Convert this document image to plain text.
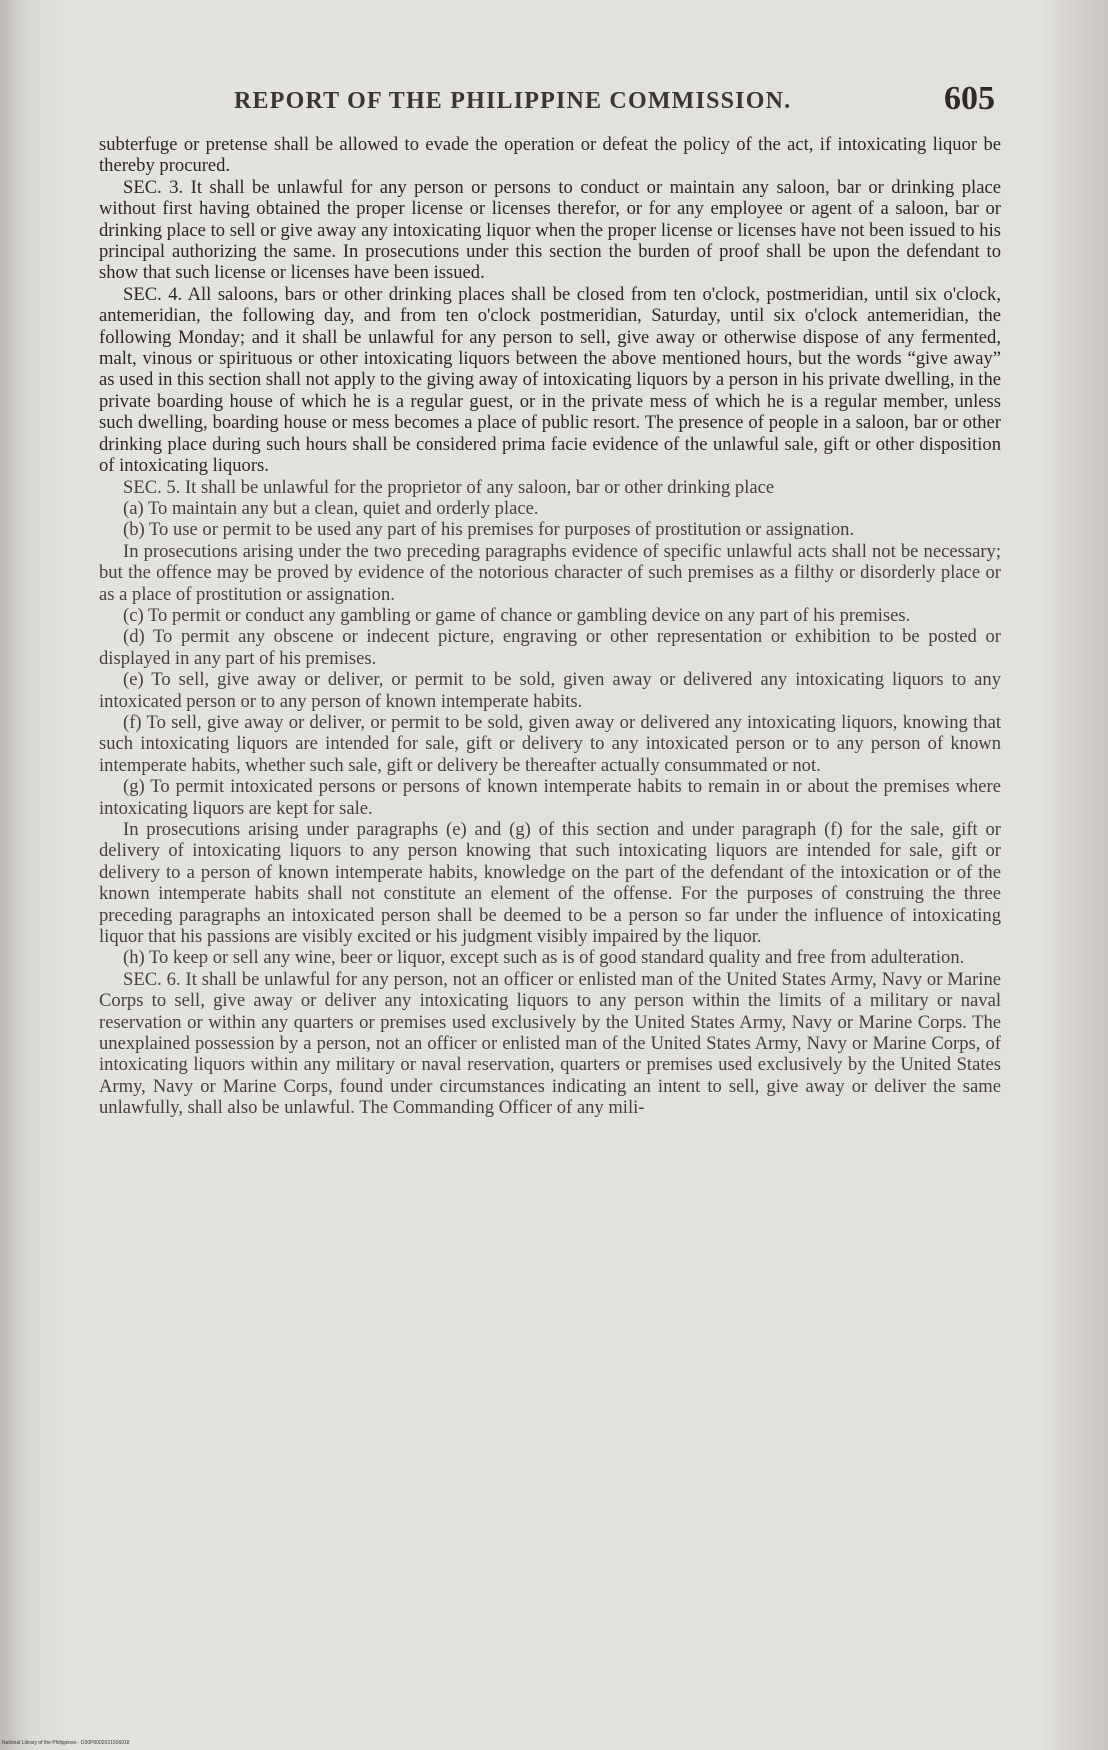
REPORT OF THE PHILIPPINE COMMISSION.	605

subterfuge or pretense shall be allowed to evade the operation or defeat the policy of the act, if intoxicating liquor be thereby procured.

SEC. 3. It shall be unlawful for any person or persons to conduct or maintain any saloon, bar or drinking place without first having obtained the proper license or licenses therefor, or for any employee or agent of a saloon, bar or drinking place to sell or give away any intoxicating liquor when the proper license or licenses have not been issued to his principal authorizing the same. In prosecutions under this section the burden of proof shall be upon the defendant to show that such license or licenses have been issued.

SEC. 4. All saloons, bars or other drinking places shall be closed from ten o'clock, postmeridian, until six o'clock, antemeridian, the following day, and from ten o'clock postmeridian, Saturday, until six o'clock antemeridian, the following Monday; and it shall be unlawful for any person to sell, give away or otherwise dispose of any fermented, malt, vinous or spirituous or other intoxicating liquors between the above mentioned hours, but the words “give away” as used in this section shall not apply to the giving away of intoxicating liquors by a person in his private dwelling, in the private boarding house of which he is a regular guest, or in the private mess of which he is a regular member, unless such dwelling, boarding house or mess becomes a place of public resort. The presence of people in a saloon, bar or other drinking place during such hours shall be considered prima facie evidence of the unlawful sale, gift or other disposition of intoxicating liquors.

SEC. 5. It shall be unlawful for the proprietor of any saloon, bar or other drinking place

(a) To maintain any but a clean, quiet and orderly place.

(b) To use or permit to be used any part of his premises for purposes of prostitution or assignation.

In prosecutions arising under the two preceding paragraphs evidence of specific unlawful acts shall not be necessary; but the offence may be proved by evidence of the notorious character of such premises as a filthy or disorderly place or as a place of prostitution or assignation.

(c) To permit or conduct any gambling or game of chance or gambling device on any part of his premises.

(d) To permit any obscene or indecent picture, engraving or other representation or exhibition to be posted or displayed in any part of his premises.

(e) To sell, give away or deliver, or permit to be sold, given away or delivered any intoxicating liquors to any intoxicated person or to any person of known intemperate habits.

(f) To sell, give away or deliver, or permit to be sold, given away or delivered any intoxicating liquors, knowing that such intoxicating liquors are intended for sale, gift or delivery to any intoxicated person or to any person of known intemperate habits, whether such sale, gift or delivery be thereafter actually consummated or not.

(g) To permit intoxicated persons or persons of known intemperate habits to remain in or about the premises where intoxicating liquors are kept for sale.

In prosecutions arising under paragraphs (e) and (g) of this section and under paragraph (f) for the sale, gift or delivery of intoxicating liquors to any person knowing that such intoxicating liquors are intended for sale, gift or delivery to a person of known intemperate habits, knowledge on the part of the defendant of the intoxication or of the known intemperate habits shall not constitute an element of the offense. For the purposes of construing the three preceding paragraphs an intoxicated person shall be deemed to be a person so far under the influence of intoxicating liquor that his passions are visibly excited or his judgment visibly impaired by the liquor.

(h) To keep or sell any wine, beer or liquor, except such as is of good standard quality and free from adulteration.

SEC. 6. It shall be unlawful for any person, not an officer or enlisted man of the United States Army, Navy or Marine Corps to sell, give away or deliver any intoxicating liquors to any person within the limits of a military or naval reservation or within any quarters or premises used exclusively by the United States Army, Navy or Marine Corps. The unexplained possession by a person, not an officer or enlisted man of the United States Army, Navy or Marine Corps, of intoxicating liquors within any military or naval reservation, quarters or premises used exclusively by the United States Army, Navy or Marine Corps, found under circumstances indicating an intent to sell, give away or deliver the same unlawfully, shall also be unlawful. The Commanding Officer of any mili-

National Library of the Philippines · D30P0002021506018
